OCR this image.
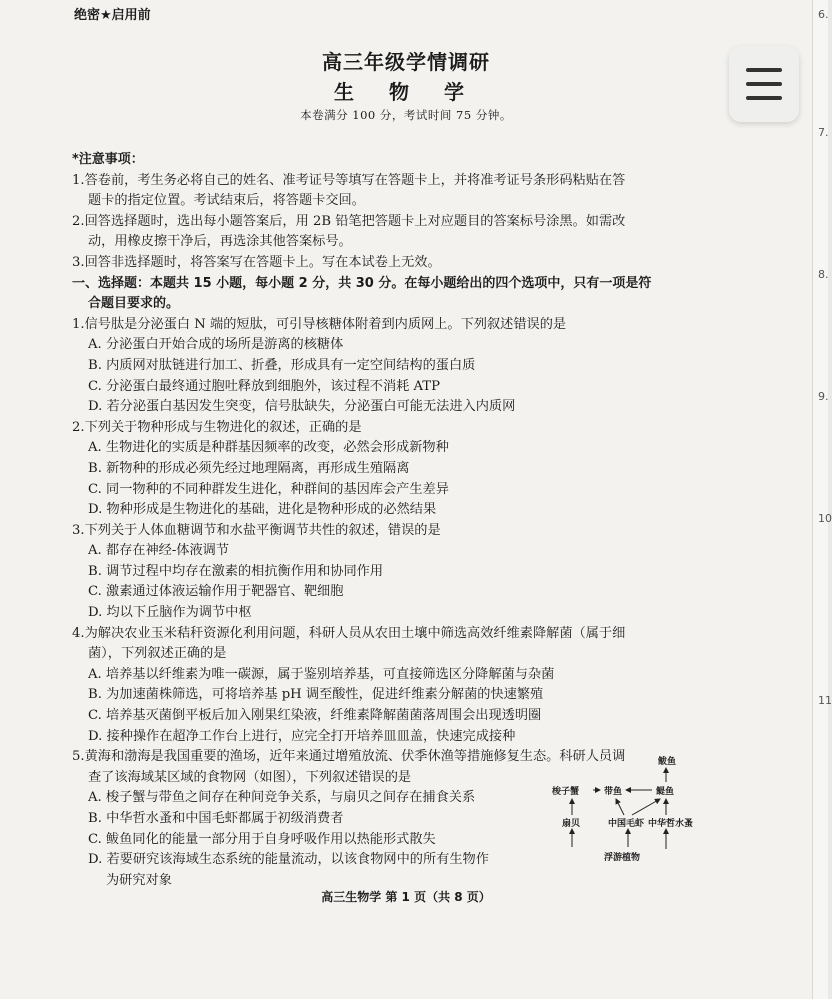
绝密★启用前
高三年级学情调研
生 物 学
本卷满分 100 分，考试时间 75 分钟。
*注意事项：
1.答卷前，考生务必将自己的姓名、准考证号等填写在答题卡上，并将准考证号条形码粘贴在答
题卡的指定位置。考试结束后，将答题卡交回。
2.回答选择题时，选出每小题答案后，用 2B 铅笔把答题卡上对应题目的答案标号涂黑。如需改
动，用橡皮擦干净后，再选涂其他答案标号。
3.回答非选择题时，将答案写在答题卡上。写在本试卷上无效。
一、选择题：本题共 15 小题，每小题 2 分，共 30 分。在每小题给出的四个选项中，只有一项是符
合题目要求的。
1.信号肽是分泌蛋白 N 端的短肽，可引导核糖体附着到内质网上。下列叙述错误的是
A. 分泌蛋白开始合成的场所是游离的核糖体
B. 内质网对肽链进行加工、折叠，形成具有一定空间结构的蛋白质
C. 分泌蛋白最终通过胞吐释放到细胞外，该过程不消耗 ATP
D. 若分泌蛋白基因发生突变，信号肽缺失，分泌蛋白可能无法进入内质网
2.下列关于物种形成与生物进化的叙述，正确的是
A. 生物进化的实质是种群基因频率的改变，必然会形成新物种
B. 新物种的形成必须先经过地理隔离，再形成生殖隔离
C. 同一物种的不同种群发生进化，种群间的基因库会产生差异
D. 物种形成是生物进化的基础，进化是物种形成的必然结果
3.下列关于人体血糖调节和水盐平衡调节共性的叙述，错误的是
A. 都存在神经-体液调节
B. 调节过程中均存在激素的相抗衡作用和协同作用
C. 激素通过体液运输作用于靶器官、靶细胞
D. 均以下丘脑作为调节中枢
4.为解决农业玉米秸秆资源化利用问题，科研人员从农田土壤中筛选高效纤维素降解菌（属于细
菌），下列叙述正确的是
A. 培养基以纤维素为唯一碳源，属于鉴别培养基，可直接筛选区分降解菌与杂菌
B. 为加速菌株筛选，可将培养基 pH 调至酸性，促进纤维素分解菌的快速繁殖
C. 培养基灭菌倒平板后加入刚果红染液，纤维素降解菌菌落周围会出现透明圈
D. 接种操作在超净工作台上进行，应完全打开培养皿皿盖，快速完成接种
5.黄海和渤海是我国重要的渔场，近年来通过增殖放流、伏季休渔等措施修复生态。科研人员调
查了该海域某区域的食物网（如图），下列叙述错误的是
A. 梭子蟹与带鱼之间存在种间竞争关系，与扇贝之间存在捕食关系
B. 中华哲水蚤和中国毛虾都属于初级消费者
C. 鲅鱼同化的能量一部分用于自身呼吸作用以热能形式散失
D. 若要研究该海域生态系统的能量流动，以该食物网中的所有生物作
为研究对象
鲅鱼
梭子蟹	带鱼	鳀鱼
扇贝	中国毛虾 中华哲水蚤
浮游植物
高三生物学 第 1 页（共 8 页）
6.
7.
8.
9.
10
11
